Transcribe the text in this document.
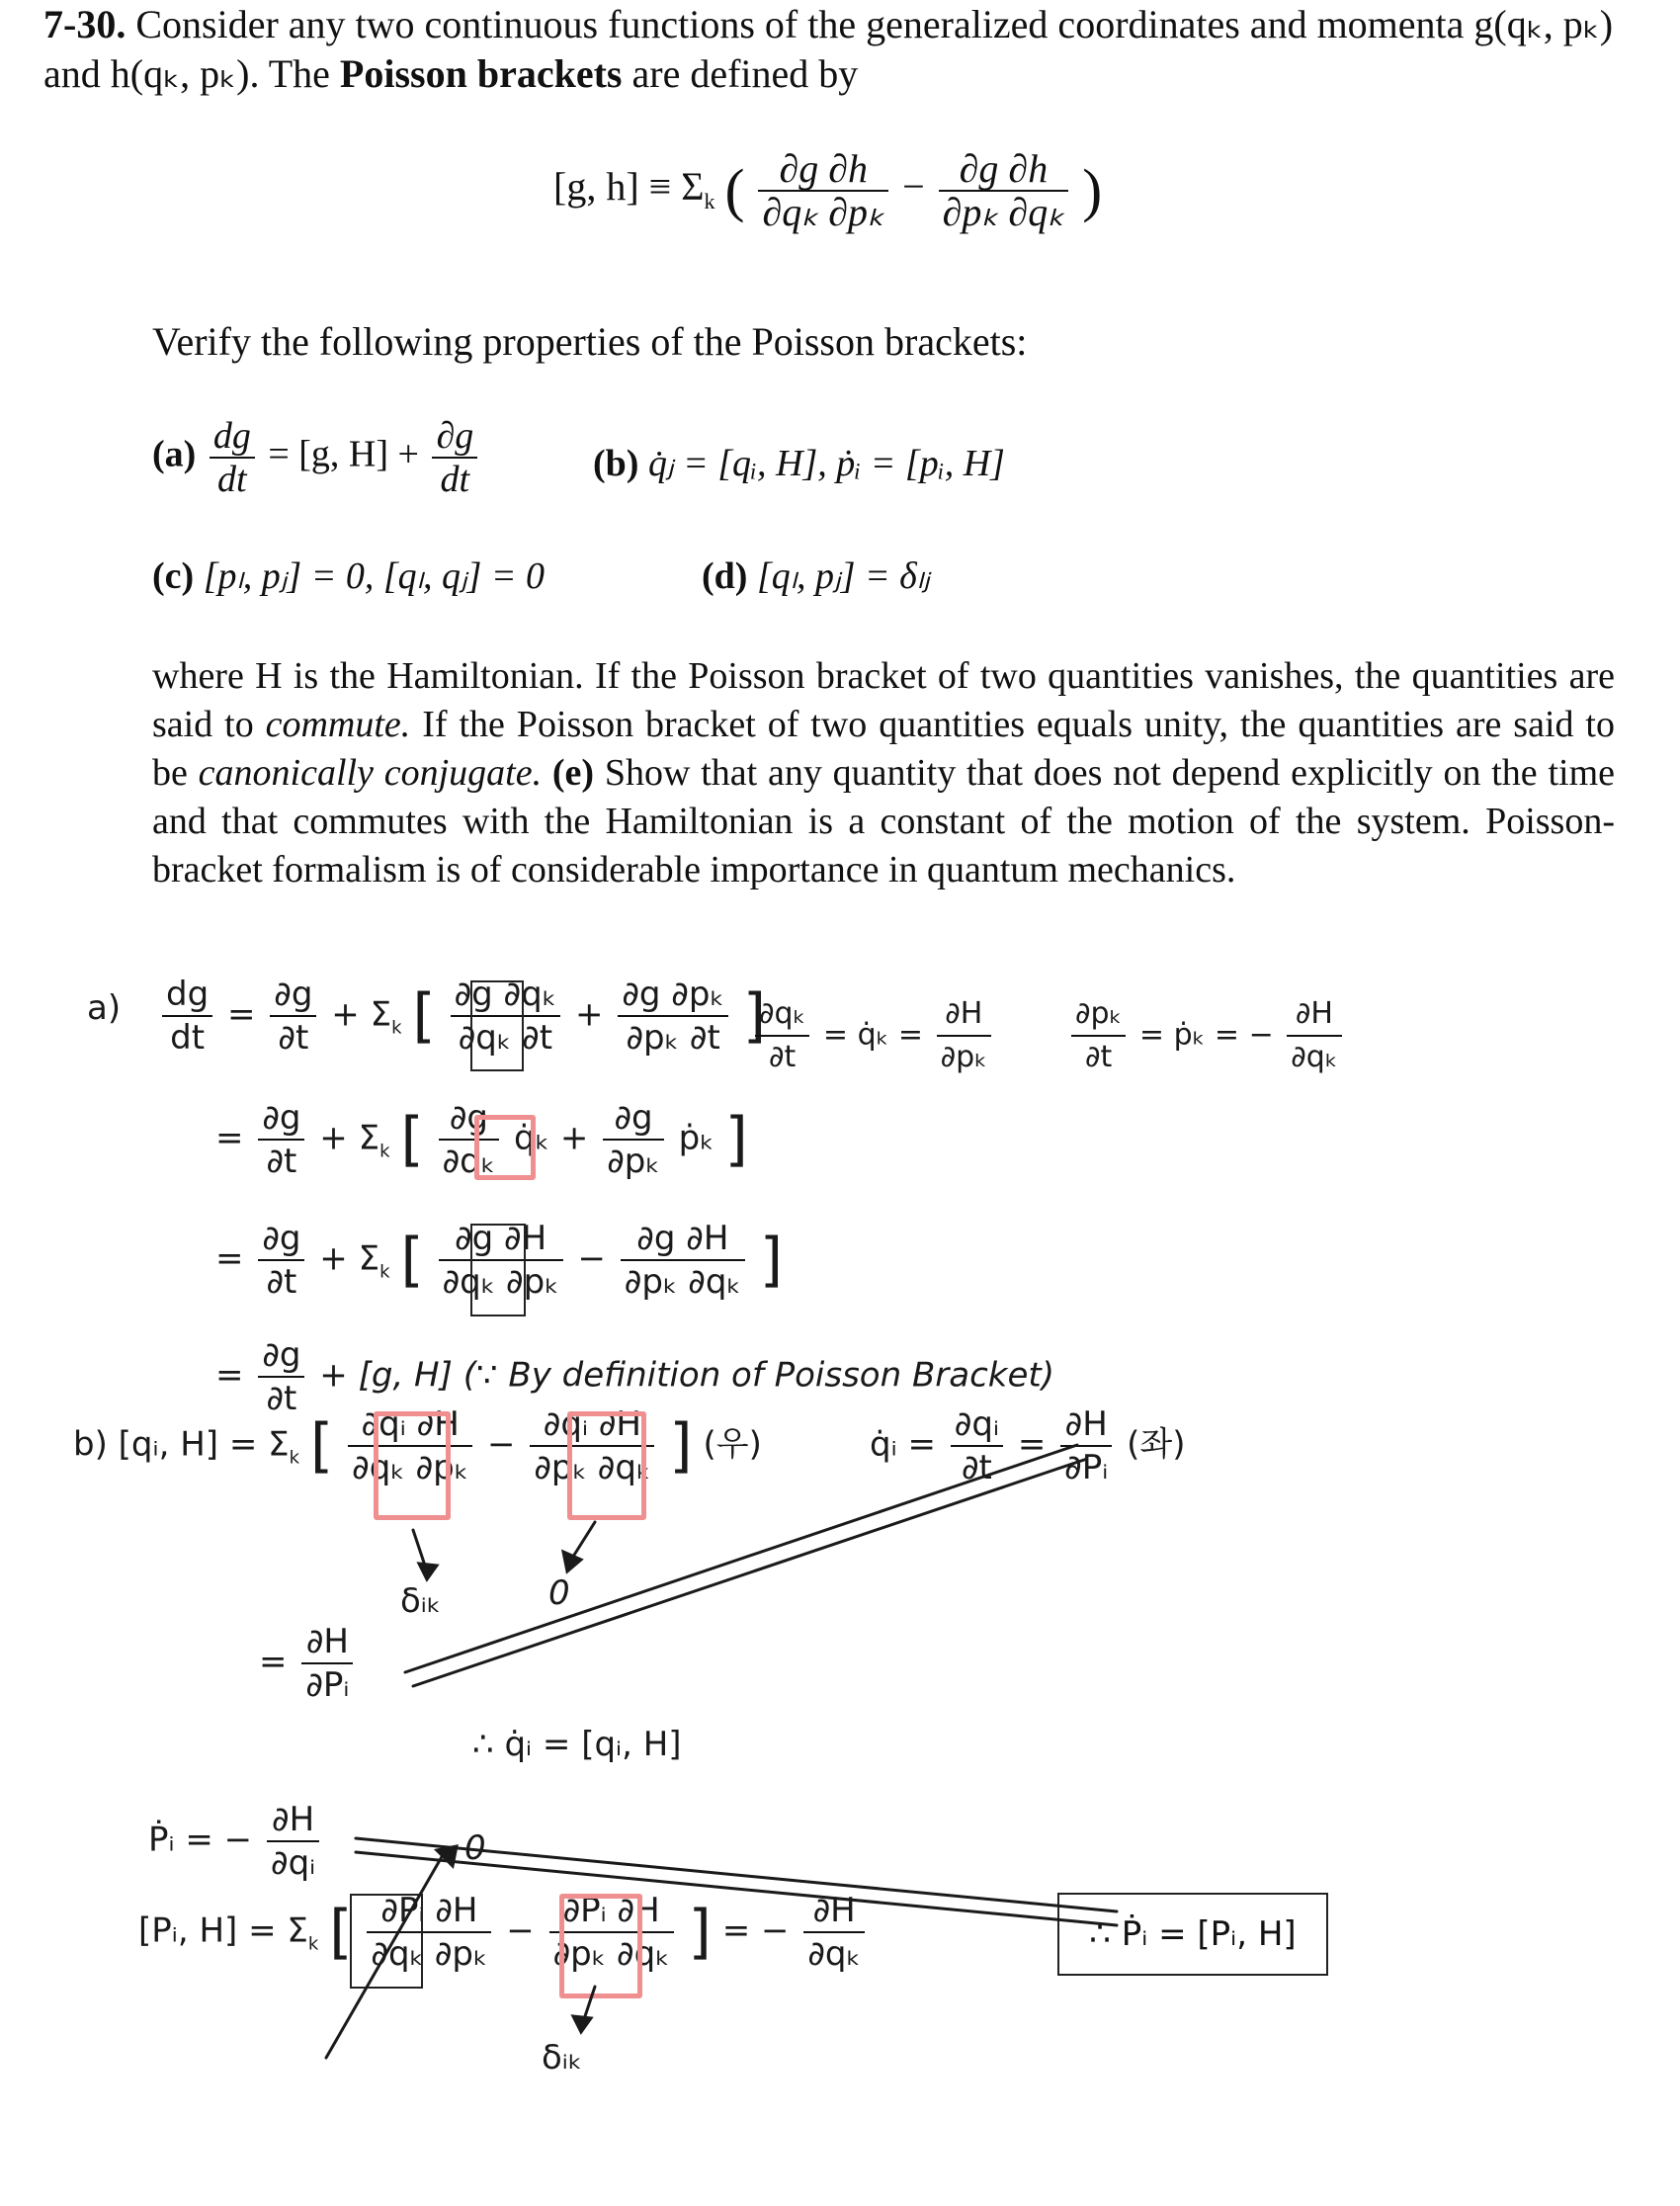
7-30. Consider any two continuous functions of the generalized coordinates and momenta g(qₖ, pₖ) and h(qₖ, pₖ). The Poisson brackets are defined by

[g, $h] \equiv \Sigma_k$ ( $\frac{\partial g \partial h}{\text{∂qₖ ∂pₖ}} - \frac{\partial g \partial h}{\text{∂pₖ ∂qₖ}}$ )
Verify the following properties of the Poisson brackets:
$(a) \frac{dg}{dt} = [g$, $H] + \frac{\partial g}{dt}$	(b) q̇ⱼ = [qᵢ, H], ṗᵢ = [pᵢ, H]
(c) [pₗ, pⱼ] = 0, [qₗ, qⱼ] = 0	(d) [qₗ, pⱼ] = δₗⱼ
where H is the Hamiltonian. If the Poisson bracket of two quantities vanishes, the quantities are said to commute. If the Poisson bracket of two quantities equals unity, the quantities are said to be canonically conjugate. (e) Show that any quantity that does not depend explicitly on the time and that commutes with the Hamiltonian is a constant of the motion of the system. Poisson-bracket formalism is of considerable importance in quantum mechanics.
$a) \frac{dg}{dt} = \frac{\partial g}{\partial t} + \Sigma_k$ [ $\frac{\text{∂g ∂qₖ}}{\text{∂qₖ ∂t}} + \frac{\text{∂g ∂pₖ}}{\text{∂pₖ ∂t}}$ ]
$\frac{\text{∂qₖ}}{\partial t}$ = q̇ₖ = $\frac{\partial H}{\text{∂pₖ}}$	$\frac{\text{∂pₖ}}{\partial t}$ = ṗₖ = − $\frac{\partial H}{\text{∂qₖ}}$
= $\frac{\partial g}{\partial t} + \Sigma_k$ [ $\frac{\partial g}{\text{∂qₖ}}$ q̇ₖ + $\frac{\partial g}{\text{∂pₖ}}$ ṗₖ ]
= $\frac{\partial g}{\partial t} + \Sigma_k$ [ $\frac{\partial g \partial H}{\text{∂qₖ ∂pₖ}} - \frac{\partial g \partial H}{\text{∂pₖ ∂qₖ}}$ ]
= $\frac{\partial g}{\partial t} + [g$, H] (∵ By definition of Poisson Bracket)
b) [qᵢ, $H] = \Sigma_k$ [ $\frac{\text{∂qᵢ ∂H}}{\text{∂qₖ ∂pₖ}} - \frac{\text{∂qᵢ ∂H}}{\text{∂pₖ ∂qₖ}}$ ] (우)	q̇ᵢ = $\frac{\text{∂qᵢ}}{\partial t} = \frac{\partial H}{\text{∂Pᵢ}}$ (좌)
δᵢₖ	0
= $\frac{\partial H}{\text{∂Pᵢ}}$
∴ q̇ᵢ = [qᵢ, H]
Ṗᵢ = − $\frac{\partial H}{\text{∂qᵢ}}$	0
[Pᵢ, $H] = \Sigma_k$ [ $\frac{\text{∂Pᵢ ∂H}}{\text{∂qₖ ∂pₖ}} - \frac{\text{∂Pᵢ ∂H}}{\text{∂pₖ ∂qₖ}}$ ] = − $\frac{\partial H}{\text{∂qₖ}}$
δᵢₖ
∴ Ṗᵢ = [Pᵢ, H]
